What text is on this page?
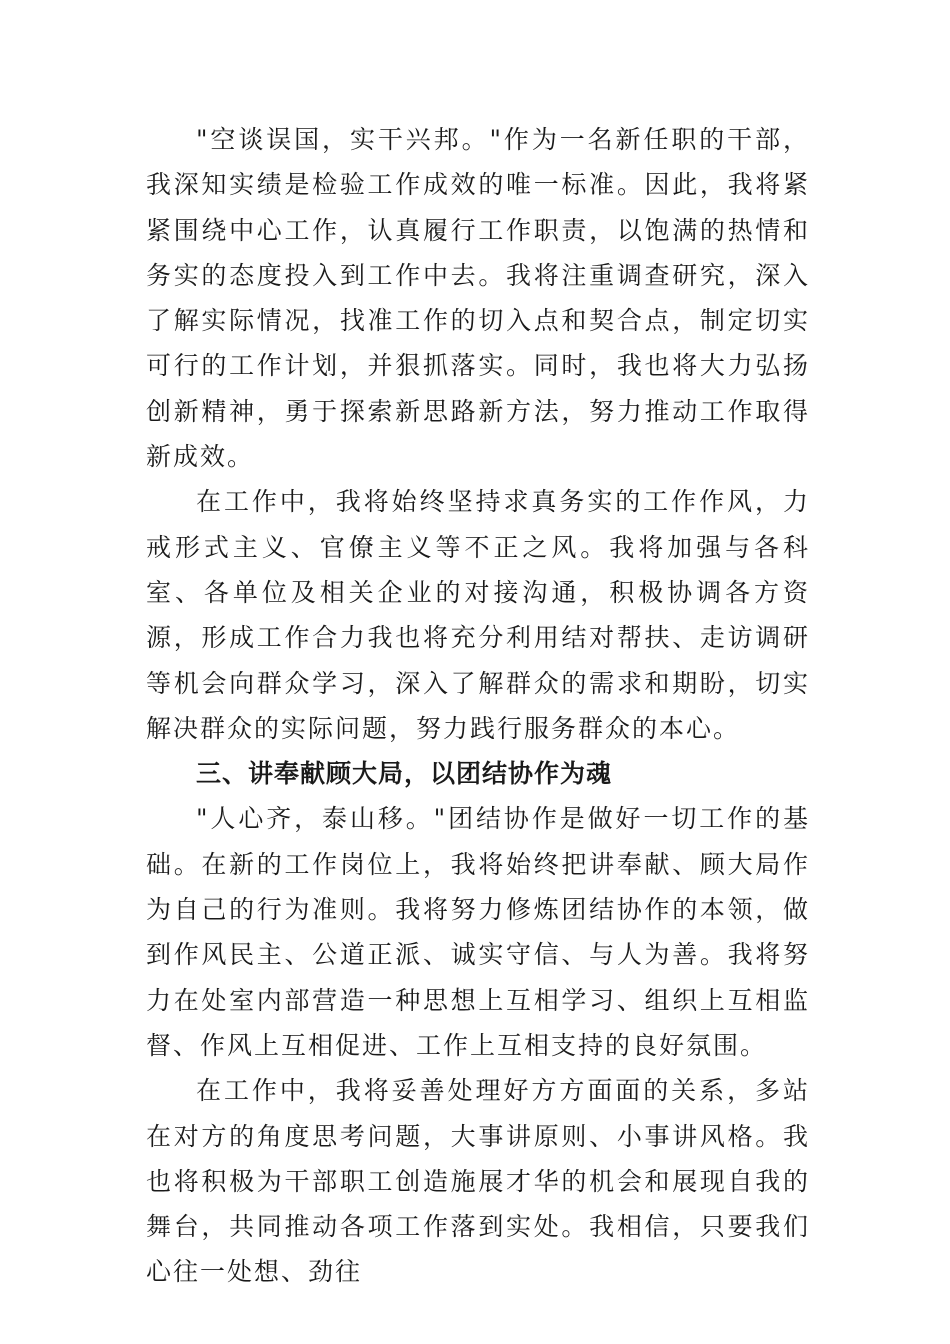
"空谈误国，实干兴邦。"作为一名新任职的干部，我深知实绩是检验工作成效的唯一标准。因此，我将紧紧围绕中心工作，认真履行工作职责，以饱满的热情和务实的态度投入到工作中去。我将注重调查研究，深入了解实际情况，找准工作的切入点和契合点，制定切实可行的工作计划，并狠抓落实。同时，我也将大力弘扬创新精神，勇于探索新思路新方法，努力推动工作取得新成效。

在工作中，我将始终坚持求真务实的工作作风，力戒形式主义、官僚主义等不正之风。我将加强与各科室、各单位及相关企业的对接沟通，积极协调各方资源，形成工作合力我也将充分利用结对帮扶、走访调研等机会向群众学习，深入了解群众的需求和期盼，切实解决群众的实际问题，努力践行服务群众的本心。

三、讲奉献顾大局，以团结协作为魂

"人心齐，泰山移。"团结协作是做好一切工作的基础。在新的工作岗位上，我将始终把讲奉献、顾大局作为自己的行为准则。我将努力修炼团结协作的本领，做到作风民主、公道正派、诚实守信、与人为善。我将努力在处室内部营造一种思想上互相学习、组织上互相监督、作风上互相促进、工作上互相支持的良好氛围。

在工作中，我将妥善处理好方方面面的关系，多站在对方的角度思考问题，大事讲原则、小事讲风格。我也将积极为干部职工创造施展才华的机会和展现自我的舞台，共同推动各项工作落到实处。我相信，只要我们心往一处想、劲往
